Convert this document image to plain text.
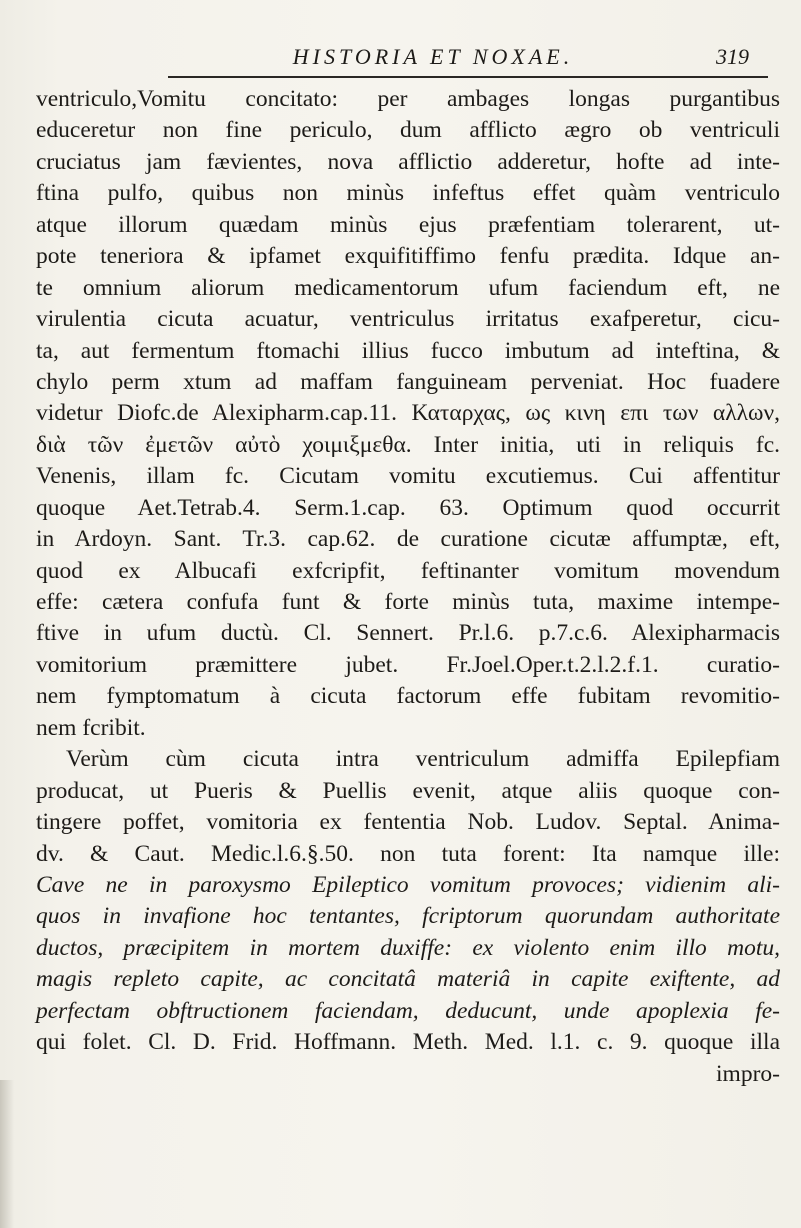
HISTORIA ET NOXAE.	319
ventriculo,Vomitu concitato: per ambages longas purgantibus
educeretur non fine periculo, dum afflicto ægro ob ventriculi
cruciatus jam fævientes, nova afflictio adderetur, hofte ad inte-
ftina pulfo, quibus non minùs infeftus effet quàm ventriculo
atque illorum quædam minùs ejus præfentiam tolerarent, ut-
pote teneriora & ipfamet exquifitiffimo fenfu prædita. Idque an-
te omnium aliorum medicamentorum ufum faciendum eft, ne
virulentia cicuta acuatur, ventriculus irritatus exafperetur, cicu-
ta, aut fermentum ftomachi illius fucco imbutum ad inteftina, &
chylo perm xtum ad maffam fanguineam perveniat. Hoc fuadere
videtur Diofc.de Alexipharm.cap.11. Καταρχας, ως κινη επι των αλλων,
διὰ τῶν ἐμετῶν αὐτὸ χοιμιξμεθα. Inter initia, uti in reliquis fc.
Venenis, illam fc. Cicutam vomitu excutiemus. Cui affentitur
quoque Aet.Tetrab.4. Serm.1.cap. 63. Optimum quod occurrit
in Ardoyn. Sant. Tr.3. cap.62. de curatione cicutæ affumptæ, eft,
quod ex Albucafi exfcripfit, feftinanter vomitum movendum
effe: cætera confufa funt & forte minùs tuta, maxime intempe-
ftive in ufum ductù. Cl. Sennert. Pr.l.6. p.7.c.6. Alexipharmacis
vomitorium præmittere jubet. Fr.Joel.Oper.t.2.l.2.f.1. curatio-
nem fymptomatum à cicuta factorum effe fubitam revomitio-
nem fcribit.
Verùm cùm cicuta intra ventriculum admiffa Epilepfiam
producat, ut Pueris & Puellis evenit, atque aliis quoque con-
tingere poffet, vomitoria ex fententia Nob. Ludov. Septal. Anima-
dv. & Caut. Medic.l.6.§.50. non tuta forent: Ita namque ille:
Cave ne in paroxysmo Epileptico vomitum provoces; vidienim ali-
quos in invafione hoc tentantes, fcriptorum quorundam authoritate
ductos, præcipitem in mortem duxiffe: ex violento enim illo motu,
magis repleto capite, ac concitatâ materiâ in capite exiftente, ad
perfectam obftructionem faciendam, deducunt, unde apoplexia fe-
qui folet. Cl. D. Frid. Hoffmann. Meth. Med. l.1. c. 9. quoque illa
impro-
